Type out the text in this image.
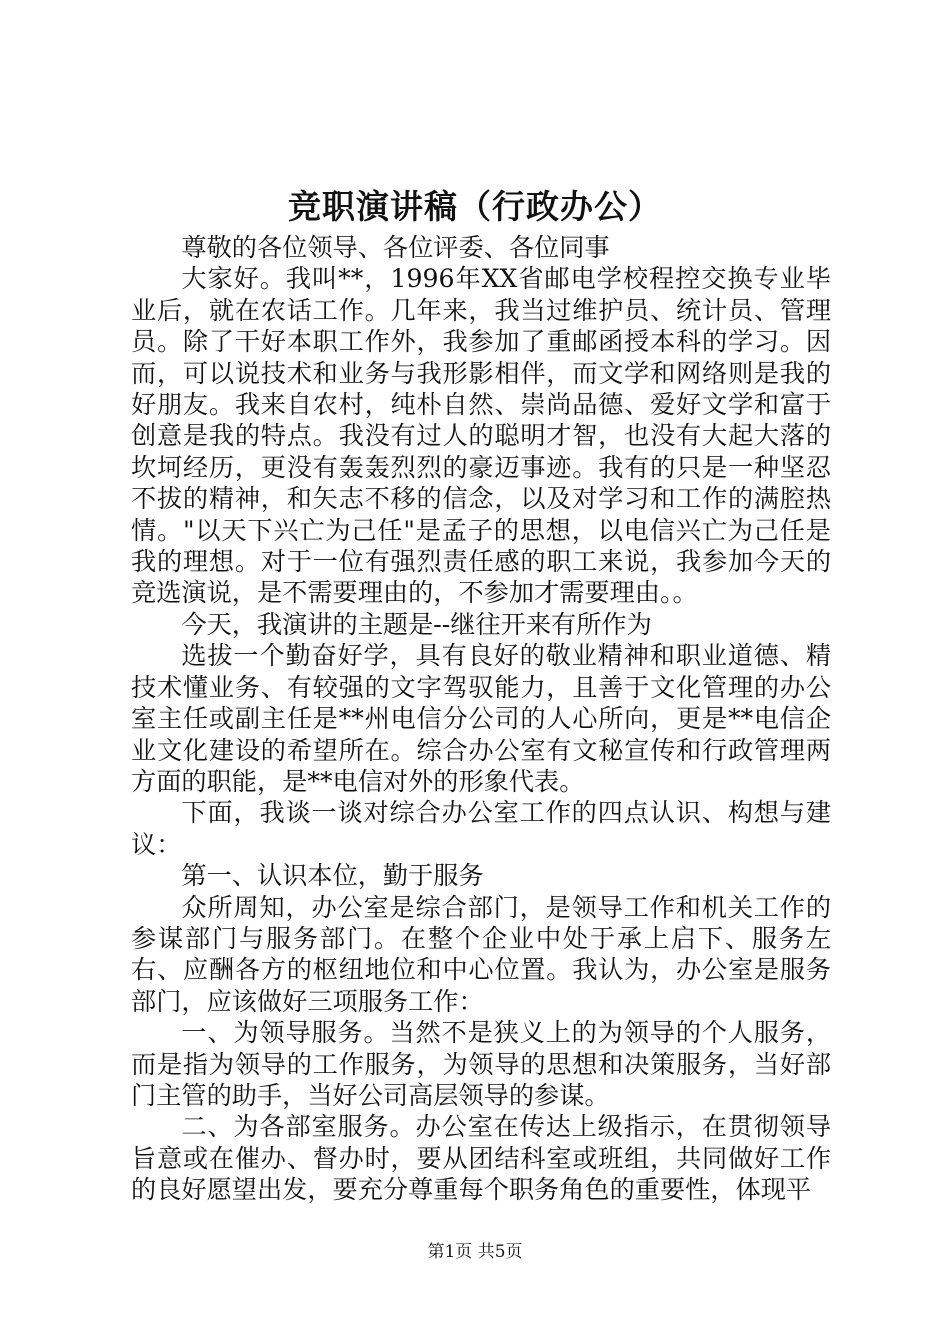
竞职演讲稿（行政办公）

尊敬的各位领导、各位评委、各位同事

大家好。我叫**，1996年XX省邮电学校程控交换专业毕业后，就在农话工作。几年来，我当过维护员、统计员、管理员。除了干好本职工作外，我参加了重邮函授本科的学习。因而，可以说技术和业务与我形影相伴，而文学和网络则是我的好朋友。我来自农村，纯朴自然、崇尚品德、爱好文学和富于创意是我的特点。我没有过人的聪明才智，也没有大起大落的坎坷经历，更没有轰轰烈烈的豪迈事迹。我有的只是一种坚忍不拔的精神，和矢志不移的信念，以及对学习和工作的满腔热情。"以天下兴亡为己任"是孟子的思想，以电信兴亡为己任是我的理想。对于一位有强烈责任感的职工来说，我参加今天的竞选演说，是不需要理由的，不参加才需要理由。。

今天，我演讲的主题是--继往开来有所作为

选拔一个勤奋好学，具有良好的敬业精神和职业道德、精技术懂业务、有较强的文字驾驭能力，且善于文化管理的办公室主任或副主任是**州电信分公司的人心所向，更是**电信企业文化建设的希望所在。综合办公室有文秘宣传和行政管理两方面的职能，是**电信对外的形象代表。

下面，我谈一谈对综合办公室工作的四点认识、构想与建议：

第一、认识本位，勤于服务

众所周知，办公室是综合部门，是领导工作和机关工作的参谋部门与服务部门。在整个企业中处于承上启下、服务左右、应酬各方的枢纽地位和中心位置。我认为，办公室是服务部门，应该做好三项服务工作：

一、为领导服务。当然不是狭义上的为领导的个人服务，而是指为领导的工作服务，为领导的思想和决策服务，当好部门主管的助手，当好公司高层领导的参谋。

二、为各部室服务。办公室在传达上级指示，在贯彻领导旨意或在催办、督办时，要从团结科室或班组，共同做好工作的良好愿望出发，要充分尊重每个职务角色的重要性，体现平

第1页 共5页
